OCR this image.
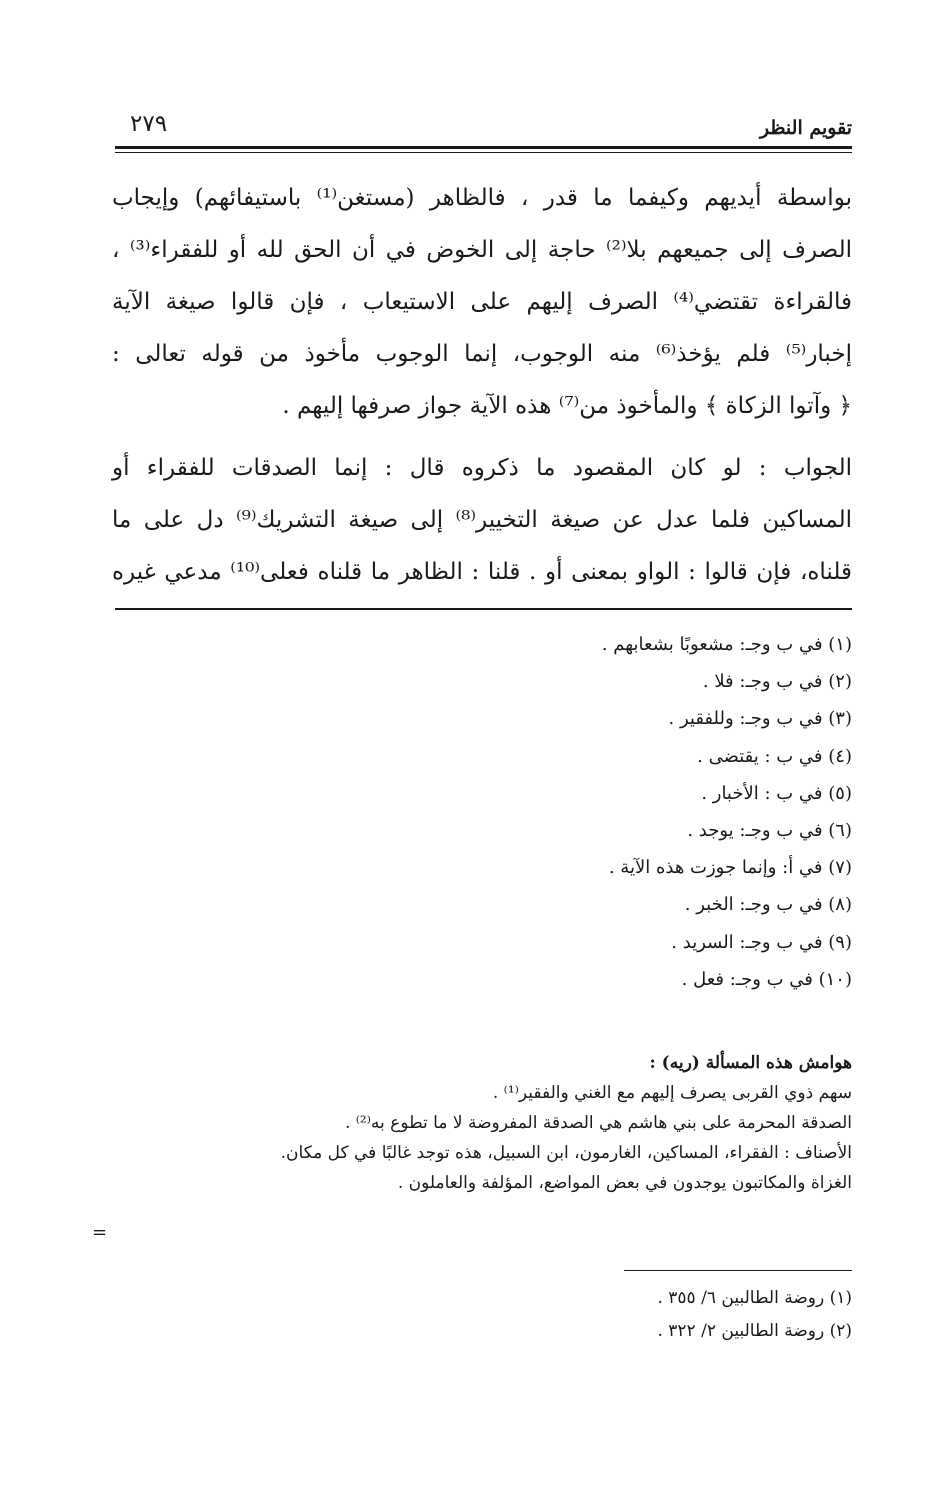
تقويم النظر
٢٧٩
بواسطة أيديهم وكيفما ما قدر ، فالظاهر (مستغن⁽¹⁾ باستيفائهم) وإيجاب
الصرف إلى جميعهم بلا⁽²⁾ حاجة إلى الخوض في أن الحق لله أو للفقراء⁽³⁾ ،
فالقراءة تقتضي⁽⁴⁾ الصرف إليهم على الاستيعاب ، فإن قالوا صيغة الآية
إخبار⁽⁵⁾ فلم يؤخذ⁽⁶⁾ منه الوجوب، إنما الوجوب مأخوذ من قوله تعالى :
﴿ وآتوا الزكاة ﴾ والمأخوذ من⁽⁷⁾ هذه الآية جواز صرفها إليهم .
الجواب : لو كان المقصود ما ذكروه قال : إنما الصدقات للفقراء أو
المساكين فلما عدل عن صيغة التخيير⁽⁸⁾ إلى صيغة التشريك⁽⁹⁾ دل على ما
قلناه، فإن قالوا : الواو بمعنى أو . قلنا : الظاهر ما قلناه فعلى⁽¹⁰⁾ مدعي غيره
(١) في ب وجـ: مشعوبًا بشعابهم .
(٢) في ب وجـ: فلا .
(٣) في ب وجـ: وللفقير .
(٤) في ب : يقتضى .
(٥) في ب : الأخبار .
(٦) في ب وجـ: يوجد .
(٧) في أ: وإنما جوزت هذه الآية .
(٨) في ب وجـ: الخبر .
(٩) في ب وجـ: السريد .
(١٠) في ب وجـ: فعل .
هوامش هذه المسألة (ريه) :
سهم ذوي القربى يصرف إليهم مع الغني والفقير⁽¹⁾ .
الصدقة المحرمة على بني هاشم هي الصدقة المفروضة لا ما تطوع به⁽²⁾ .
الأصناف : الفقراء، المساكين، الغارمون، ابن السبيل، هذه توجد غالبًا في كل مكان.
الغزاة والمكاتبون يوجدون في بعض المواضع، المؤلفة والعاملون .
=
(١) روضة الطالبين ٦/ ٣٥٥ .
(٢) روضة الطالبين ٢/ ٣٢٢ .
